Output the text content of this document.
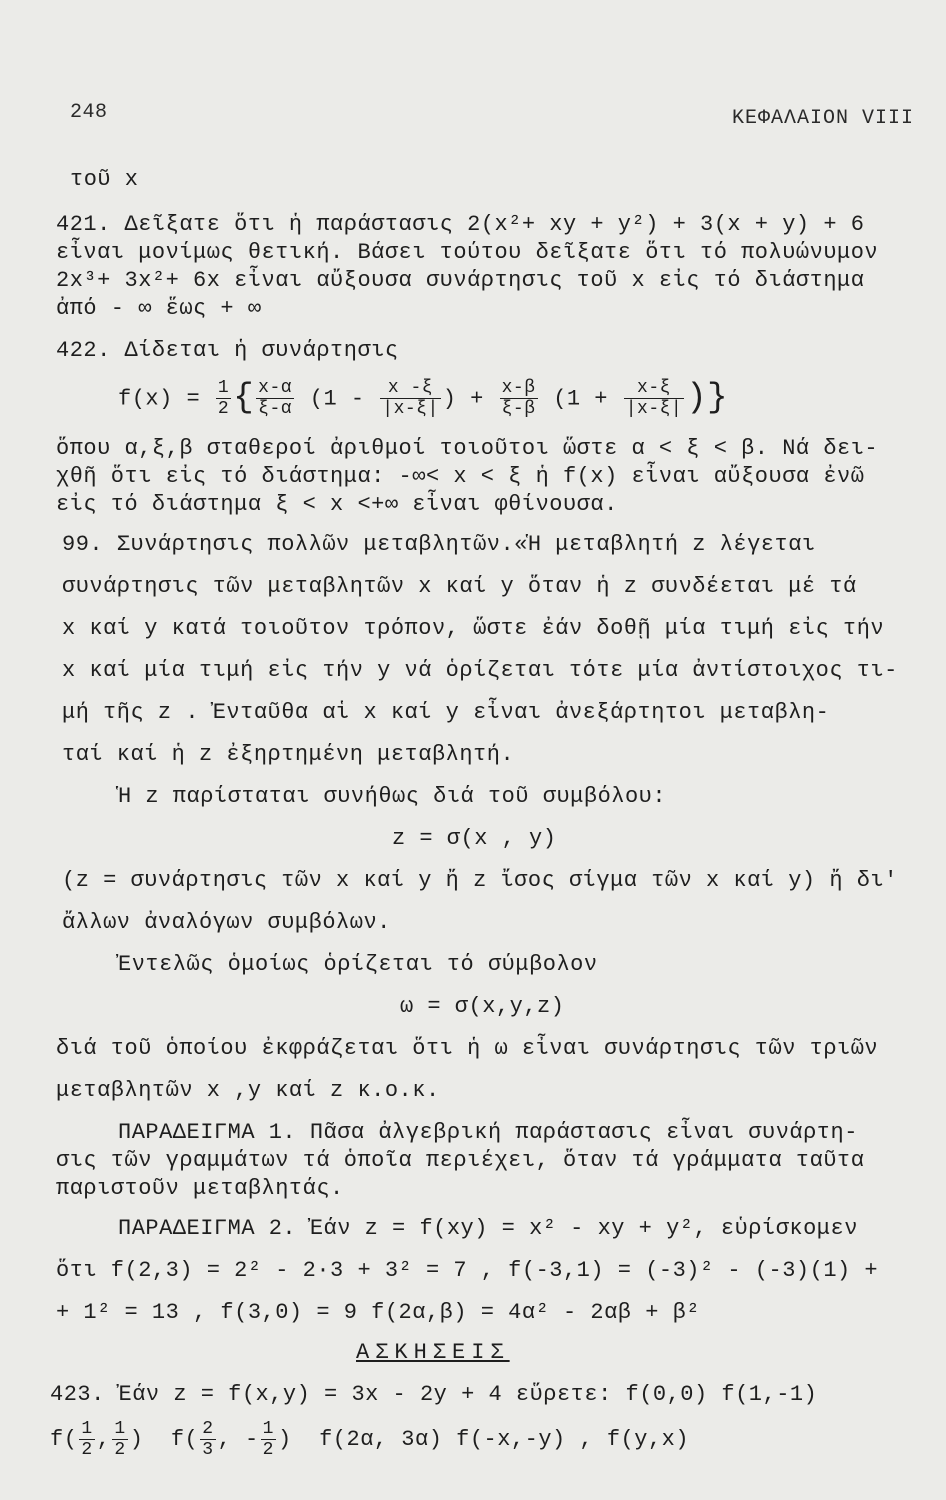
248	ΚΕΦΑΛΑΙΟΝ VIII
τοῦ x
421. Δεῖξατε ὅτι ἡ παράστασις 2(x²+ xy + y²) + 3(x + y) + 6
εἶναι μονίμως θετική. Βάσει τούτου δεῖξατε ὅτι τό πολυώνυμον
2x³+ 3x²+ 6x εἶναι αὔξουσα συνάρτησις τοῦ x εἰς τό διάστημα
ἀπό - ∞ ἕως + ∞
422. Δίδεται ἡ συνάρτησις
$f(x) = \frac{1}{2}$ { $\frac{x-\alpha}{\xi-\alpha} (1 - \frac{x -\xi}{|x-\xi|}$ ) + $\frac{x-\beta}{\xi-\beta} (1 + \frac{x-\xi}{|x-\xi|}$ )}
ὅπου α,ξ,β σταθεροί ἀριθμοί τοιοῦτοι ὥστε α < ξ < β. Νά δει-
χθῆ ὅτι εἰς τό διάστημα: -∞< x < ξ ἡ f(x) εἶναι αὔξουσα ἐνῶ
εἰς τό διάστημα ξ < x <+∞ εἶναι φθίνουσα.
99. Συνάρτησις πολλῶν μεταβλητῶν.«Ἡ μεταβλητή z λέγεται
συνάρτησις τῶν μεταβλητῶν x καί y ὅταν ἡ z συνδέεται μέ τά
x καί y κατά τοιοῦτον τρόπον, ὥστε ἐάν δοθῇ μία τιμή εἰς τήν
x καί μία τιμή εἰς τήν y νά ὁρίζεται τότε μία ἀντίστοιχος τι-
μή τῆς z . Ἐνταῦθα αἱ x καί y εἶναι ἀνεξάρτητοι μεταβλη-
ταί καί ἡ z ἐξηρτημένη μεταβλητή.
Ἡ z παρίσταται συνήθως διά τοῦ συμβόλου:
z = σ(x , y)
(z = συνάρτησις τῶν x καί y ἤ z ἴσος σίγμα τῶν x καί y) ἤ δι'
ἄλλων ἀναλόγων συμβόλων.
Ἐντελῶς ὁμοίως ὁρίζεται τό σύμβολον
ω = σ(x,y,z)
διά τοῦ ὁποίου ἐκφράζεται ὅτι ἡ ω εἶναι συνάρτησις τῶν τριῶν
μεταβλητῶν x ,y καί z κ.ο.κ.
ΠΑΡΑΔΕΙΓΜΑ 1. Πᾶσα ἀλγεβρική παράστασις εἶναι συνάρτη-
σις τῶν γραμμάτων τά ὁποῖα περιέχει, ὅταν τά γράμματα ταῦτα
παριστοῦν μεταβλητάς.
ΠΑΡΑΔΕΙΓΜΑ 2. Ἐάν z = f(xy) = x² - xy + y², εὑρίσκομεν
ὅτι f(2,3) = 2² - 2·3 + 3² = 7 , f(-3,1) = (-3)² - (-3)(1) +
+ 1² = 13 , f(3,0) = 9 f(2α,β) = 4α² - 2αβ + β²
ΑΣΚΗΣΕΙΣ
423. Ἐάν z = f(x,y) = 3x - 2y + 4 εὕρετε: f(0,0) f(1,-1)
$f( \frac{1}{2}$ , $\frac{1}{2}$ )  $f( \frac{2}{3}$ , - $\frac{1}{2}$ )  f(2α, 3α) f(-x,-y) , f(y,x)
